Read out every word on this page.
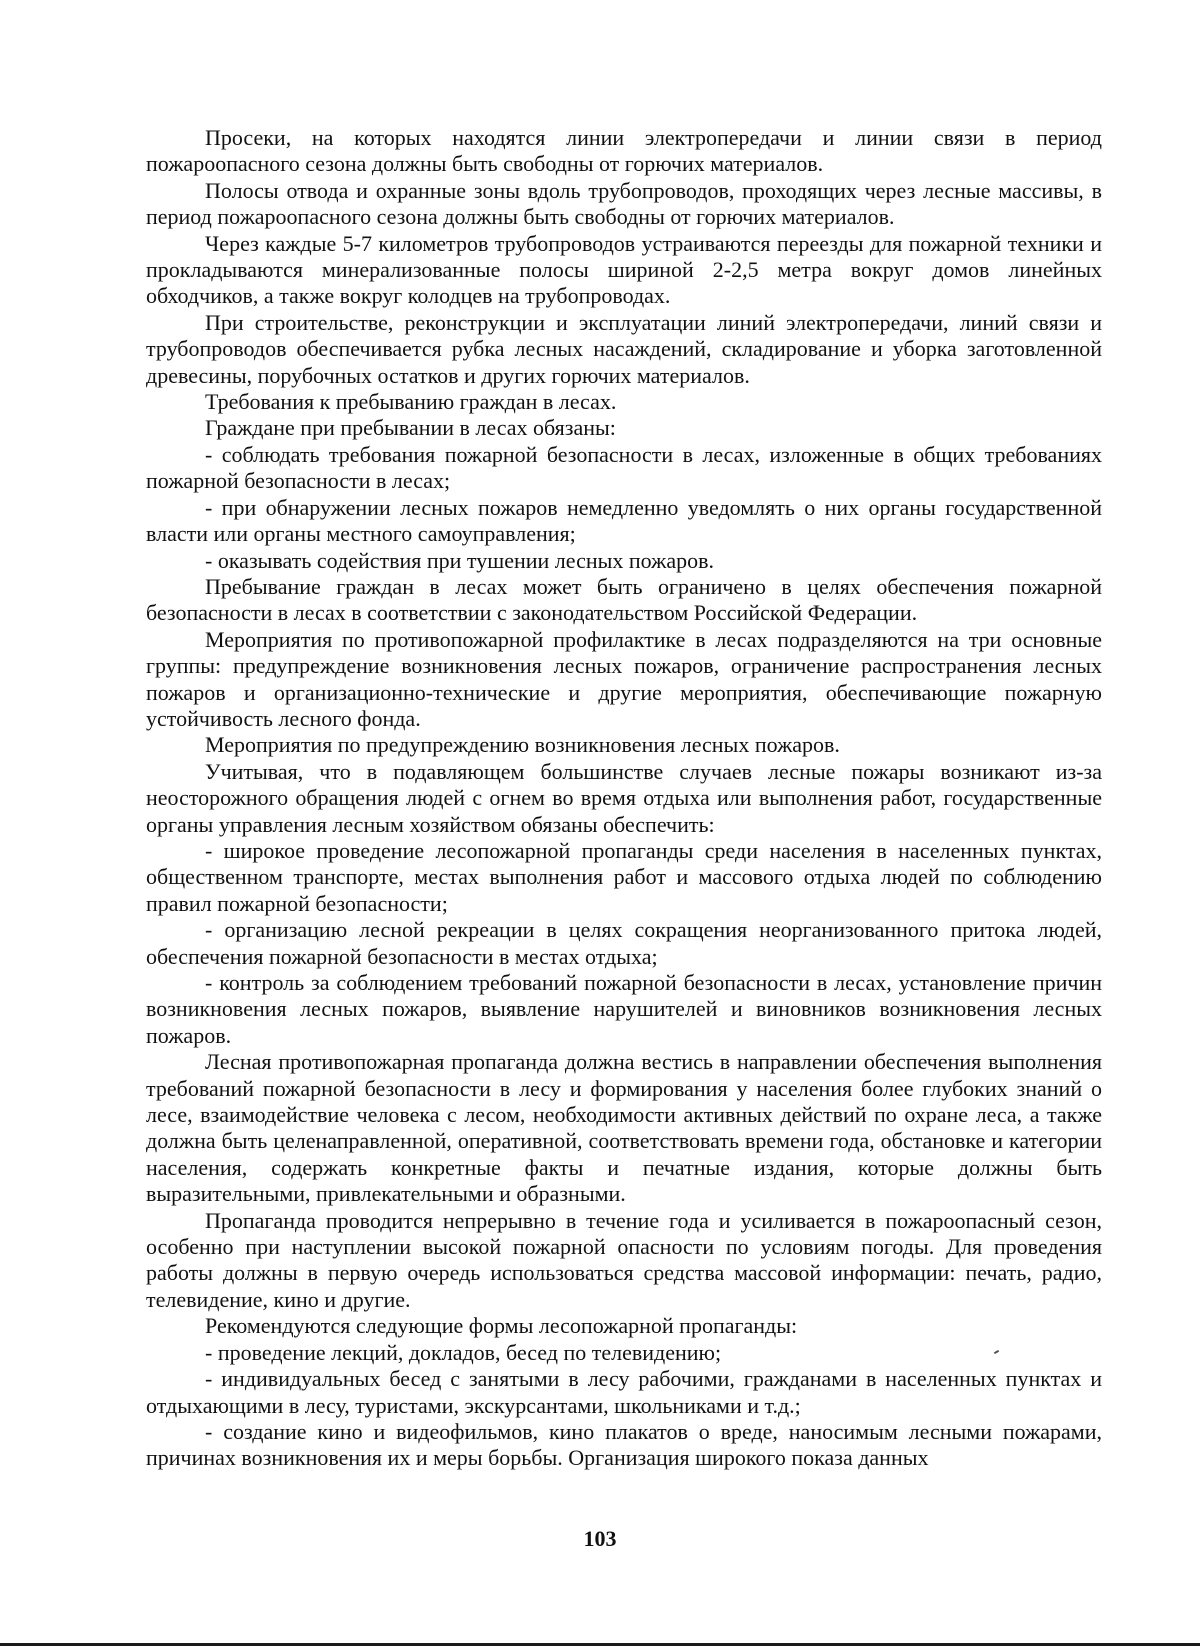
Просеки, на которых находятся линии электропередачи и линии связи в период пожароопасного сезона должны быть свободны от горючих материалов.

Полосы отвода и охранные зоны вдоль трубопроводов, проходящих через лесные массивы, в период пожароопасного сезона должны быть свободны от горючих материалов.

Через каждые 5-7 километров трубопроводов устраиваются переезды для пожарной техники и прокладываются минерализованные полосы шириной 2-2,5 метра вокруг домов линейных обходчиков, а также вокруг колодцев на трубопроводах.

При строительстве, реконструкции и эксплуатации линий электропередачи, линий связи и трубопроводов обеспечивается рубка лесных насаждений, складирование и уборка заготовленной древесины, порубочных остатков и других горючих материалов.

Требования к пребыванию граждан в лесах.

Граждане при пребывании в лесах обязаны:

- соблюдать требования пожарной безопасности в лесах, изложенные в общих требованиях пожарной безопасности в лесах;

- при обнаружении лесных пожаров немедленно уведомлять о них органы государственной власти или органы местного самоуправления;

- оказывать содействия при тушении лесных пожаров.

Пребывание граждан в лесах может быть ограничено в целях обеспечения пожарной безопасности в лесах в соответствии с законодательством Российской Федерации.

Мероприятия по противопожарной профилактике в лесах подразделяются на три основные группы: предупреждение возникновения лесных пожаров, ограничение распространения лесных пожаров и организационно-технические и другие мероприятия, обеспечивающие пожарную устойчивость лесного фонда.

Мероприятия по предупреждению возникновения лесных пожаров.

Учитывая, что в подавляющем большинстве случаев лесные пожары возникают из-за неосторожного обращения людей с огнем во время отдыха или выполнения работ, государственные органы управления лесным хозяйством обязаны обеспечить:

- широкое проведение лесопожарной пропаганды среди населения в населенных пунктах, общественном транспорте, местах выполнения работ и массового отдыха людей по соблюдению правил пожарной безопасности;

- организацию лесной рекреации в целях сокращения неорганизованного притока людей, обеспечения пожарной безопасности в местах отдыха;

- контроль за соблюдением требований пожарной безопасности в лесах, установление причин возникновения лесных пожаров, выявление нарушителей и виновников возникновения лесных пожаров.

Лесная противопожарная пропаганда должна вестись в направлении обеспечения выполнения требований пожарной безопасности в лесу и формирования у населения более глубоких знаний о лесе, взаимодействие человека с лесом, необходимости активных действий по охране леса, а также должна быть целенаправленной, оперативной, соответствовать времени года, обстановке и категории населения, содержать конкретные факты и печатные издания, которые должны быть выразительными, привлекательными и образными.

Пропаганда проводится непрерывно в течение года и усиливается в пожароопасный сезон, особенно при наступлении высокой пожарной опасности по условиям погоды. Для проведения работы должны в первую очередь использоваться средства массовой информации: печать, радио, телевидение, кино и другие.

Рекомендуются следующие формы лесопожарной пропаганды:

- проведение лекций, докладов, бесед по телевидению;

- индивидуальных бесед с занятыми в лесу рабочими, гражданами в населенных пунктах и отдыхающими в лесу, туристами, экскурсантами, школьниками и т.д.;

- создание кино и видеофильмов, кино плакатов о вреде, наносимым лесными пожарами, причинах возникновения их и меры борьбы. Организация широкого показа данных

103
